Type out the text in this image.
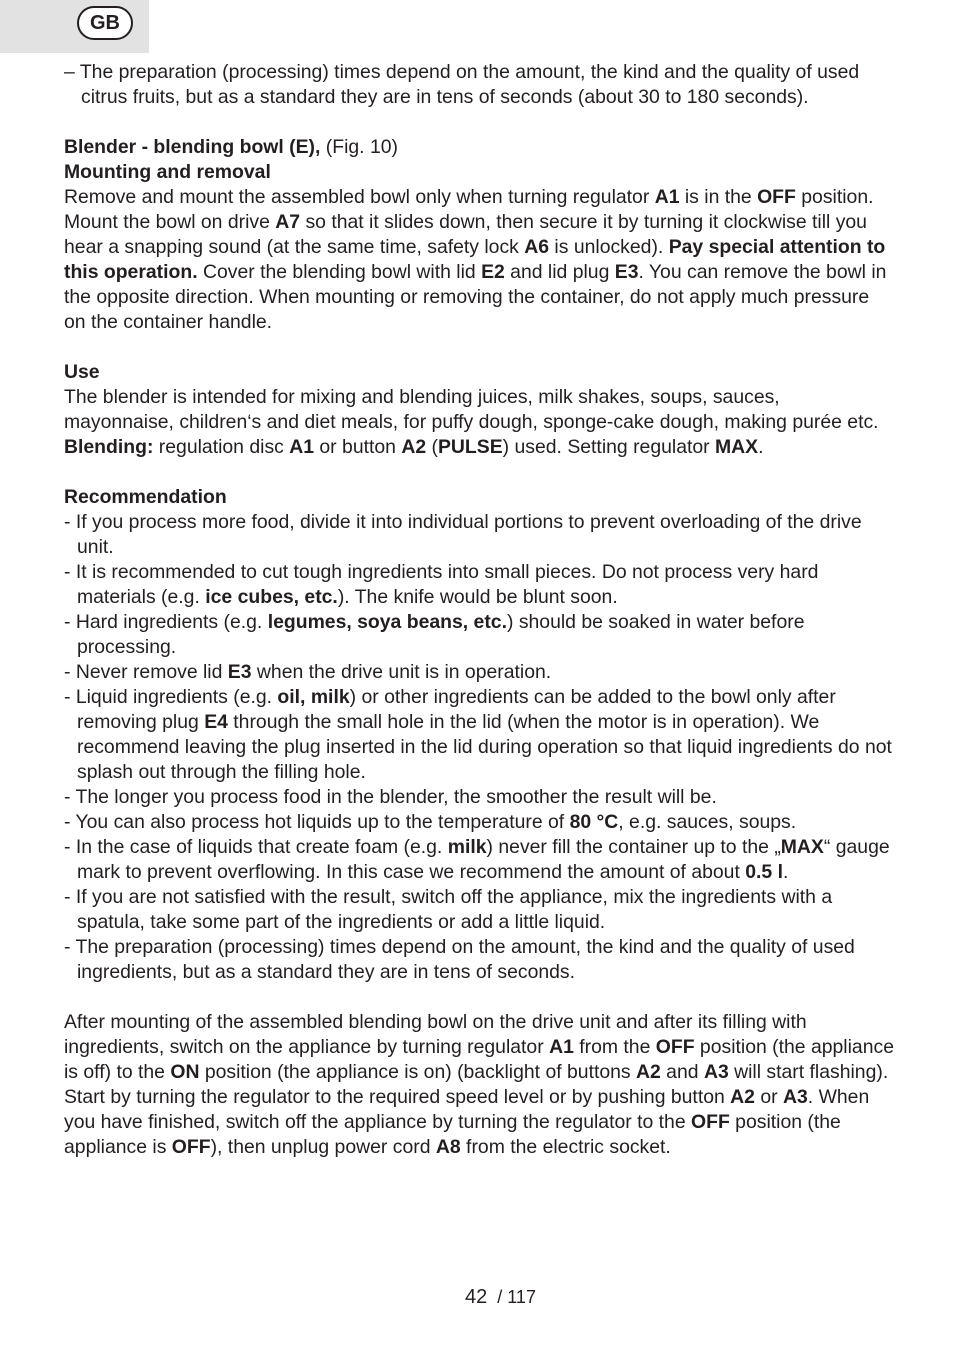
GB

– The preparation (processing) times depend on the amount, the kind and the quality of used citrus fruits, but as a standard they are in tens of seconds (about 30 to 180 seconds).

Blender - blending bowl (E), (Fig. 10)

Mounting and removal

Remove and mount the assembled bowl only when turning regulator A1 is in the OFF position.

Mount the bowl on drive A7 so that it slides down, then secure it by turning it clockwise till you hear a snapping sound (at the same time, safety lock A6 is unlocked). Pay special attention to this operation. Cover the blending bowl with lid E2 and lid plug E3. You can remove the bowl in the opposite direction. When mounting or removing the container, do not apply much pressure on the container handle.

Use

The blender is intended for mixing and blending juices, milk shakes, soups, sauces, mayonnaise, children‘s and diet meals, for puffy dough, sponge-cake dough, making purée etc.

Blending: regulation disc A1 or button A2 (PULSE) used. Setting regulator MAX.

Recommendation

- If you process more food, divide it into individual portions to prevent overloading of the drive unit.

- It is recommended to cut tough ingredients into small pieces. Do not process very hard materials (e.g. ice cubes, etc.). The knife would be blunt soon.

- Hard ingredients (e.g. legumes, soya beans, etc.) should be soaked in water before processing.

- Never remove lid E3 when the drive unit is in operation.

- Liquid ingredients (e.g. oil, milk) or other ingredients can be added to the bowl only after removing plug E4 through the small hole in the lid (when the motor is in operation). We recommend leaving the plug inserted in the lid during operation so that liquid ingredients do not splash out through the filling hole.

- The longer you process food in the blender, the smoother the result will be.

- You can also process hot liquids up to the temperature of 80 °C, e.g. sauces, soups.

- In the case of liquids that create foam (e.g. milk) never fill the container up to the „MAX“ gauge mark to prevent overflowing. In this case we recommend the amount of about 0.5 l.

- If you are not satisfied with the result, switch off the appliance, mix the ingredients with a spatula, take some part of the ingredients or add a little liquid.

- The preparation (processing) times depend on the amount, the kind and the quality of used ingredients, but as a standard they are in tens of seconds.

After mounting of the assembled blending bowl on the drive unit and after its filling with ingredients, switch on the appliance by turning regulator A1 from the OFF position (the appliance is off) to the ON position (the appliance is on) (backlight of buttons A2 and A3 will start flashing). Start by turning the regulator to the required speed level or by pushing button A2 or A3. When you have finished, switch off the appliance by turning the regulator to the OFF position (the appliance is OFF), then unplug power cord A8 from the electric socket.

42 / 117
